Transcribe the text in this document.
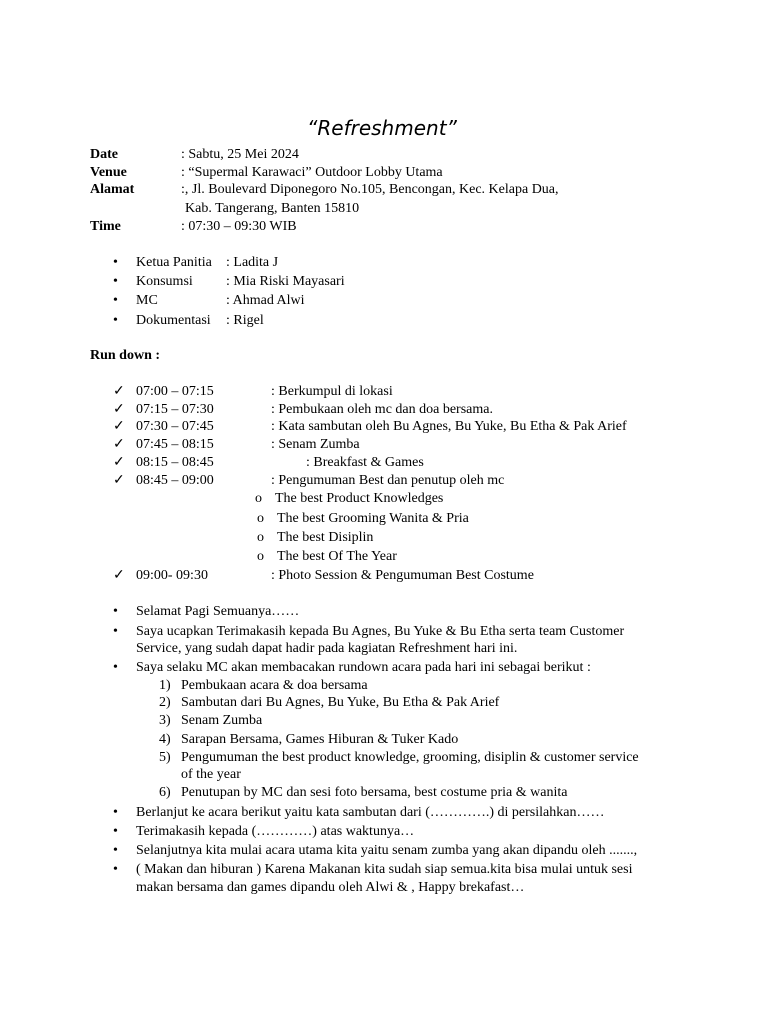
“Refreshment”
Date	: Sabtu, 25 Mei 2024
Venue	: “Supermal Karawaci” Outdoor Lobby Utama
Alamat	:, Jl. Boulevard Diponegoro No.105, Bencongan, Kec. Kelapa Dua,
Kab. Tangerang, Banten 15810
Time	: 07:30 – 09:30 WIB
• Ketua Panitia : Ladita J
• Konsumsi : Mia Riski Mayasari
• MC	: Ahmad Alwi
• Dokumentasi : Rigel
Run down :
✓ 07:00 – 07:15	: Berkumpul di lokasi
✓ 07:15 – 07:30	: Pembukaan oleh mc dan doa bersama.
✓ 07:30 – 07:45	: Kata sambutan oleh Bu Agnes, Bu Yuke, Bu Etha & Pak Arief
✓ 07:45 – 08:15	: Senam Zumba
✓ 08:15 – 08:45	: Breakfast & Games
✓ 08:45 – 09:00	: Pengumuman Best dan penutup oleh mc
o The best Product Knowledges
o The best Grooming Wanita & Pria
o The best Disiplin
o The best Of The Year
✓ 09:00- 09:30	: Photo Session & Pengumuman Best Costume
• Selamat Pagi Semuanya……
• Saya ucapkan Terimakasih kepada Bu Agnes, Bu Yuke & Bu Etha serta team Customer
Service, yang sudah dapat hadir pada kagiatan Refreshment hari ini.
• Saya selaku MC akan membacakan rundown acara pada hari ini sebagai berikut :
1) Pembukaan acara & doa bersama
2) Sambutan dari Bu Agnes, Bu Yuke, Bu Etha & Pak Arief
3) Senam Zumba
4) Sarapan Bersama, Games Hiburan & Tuker Kado
5) Pengumuman the best product knowledge, grooming, disiplin & customer service
of the year
6) Penutupan by MC dan sesi foto bersama, best costume pria & wanita
• Berlanjut ke acara berikut yaitu kata sambutan dari (………….) di persilahkan……
• Terimakasih kepada (…………) atas waktunya…
• Selanjutnya kita mulai acara utama kita yaitu senam zumba yang akan dipandu oleh .......,
• ( Makan dan hiburan ) Karena Makanan kita sudah siap semua.kita bisa mulai untuk sesi
makan bersama dan games dipandu oleh Alwi & , Happy brekafast…
